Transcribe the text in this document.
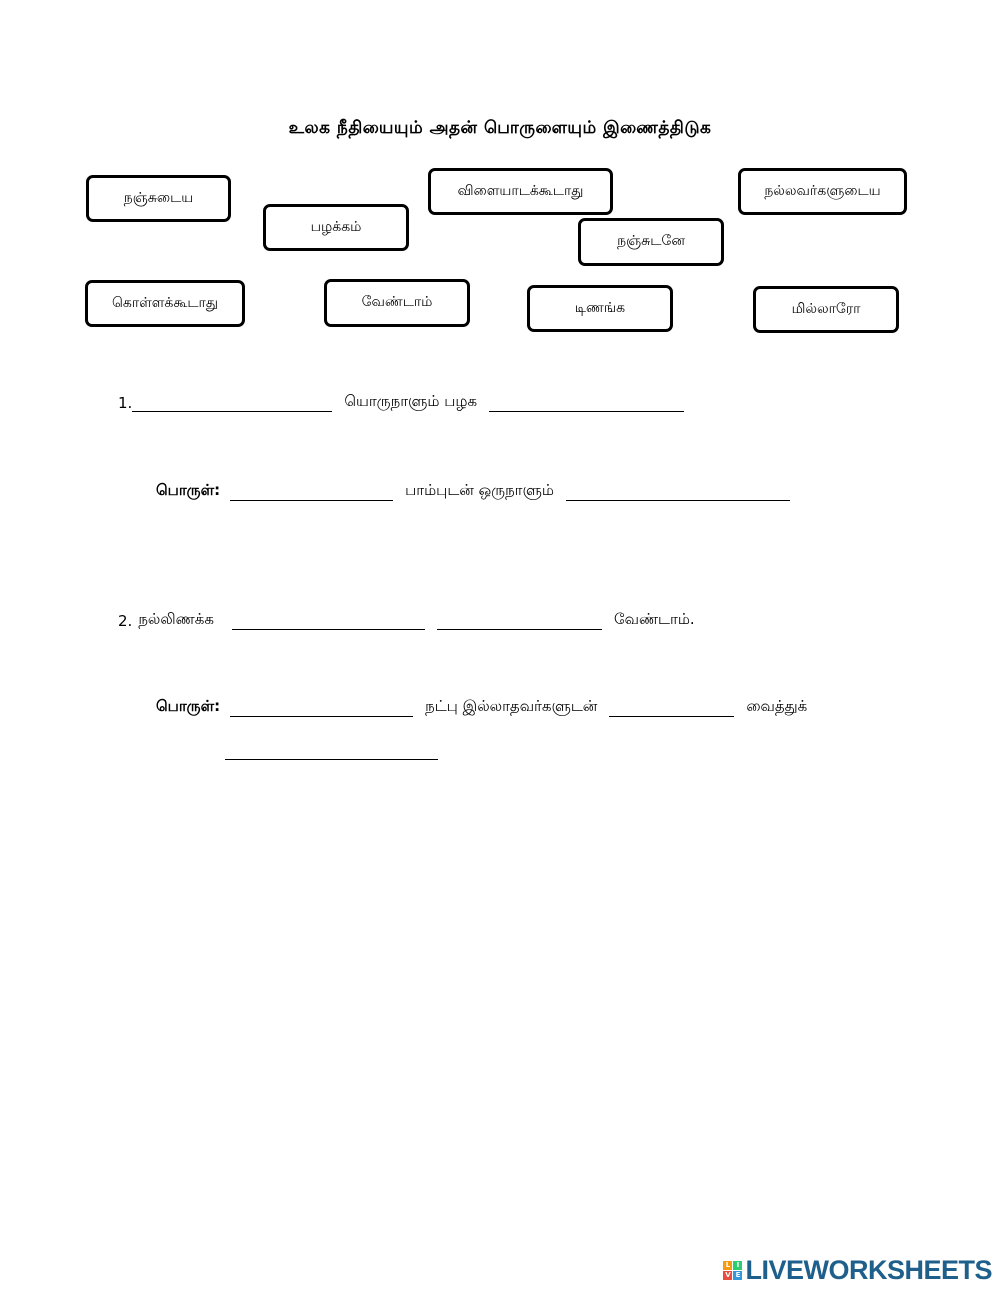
உலக நீதியையும் அதன் பொருளையும் இணைத்திடுக
நஞ்சுடைய
பழக்கம்
விளையாடக்கூடாது
நஞ்சுடனே
நல்லவர்களுடைய
கொள்ளக்கூடாது	வேண்டாம்	டிணங்க	மில்லாரோ
1.	யொருநாளும் பழக
பொருள்:	பாம்புடன் ஒருநாளும்
2. நல்லிணக்க	வேண்டாம்.
பொருள்:	நட்பு இல்லாதவர்களுடன்	வைத்துக்
L I
V E LIVEWORKSHEETS
